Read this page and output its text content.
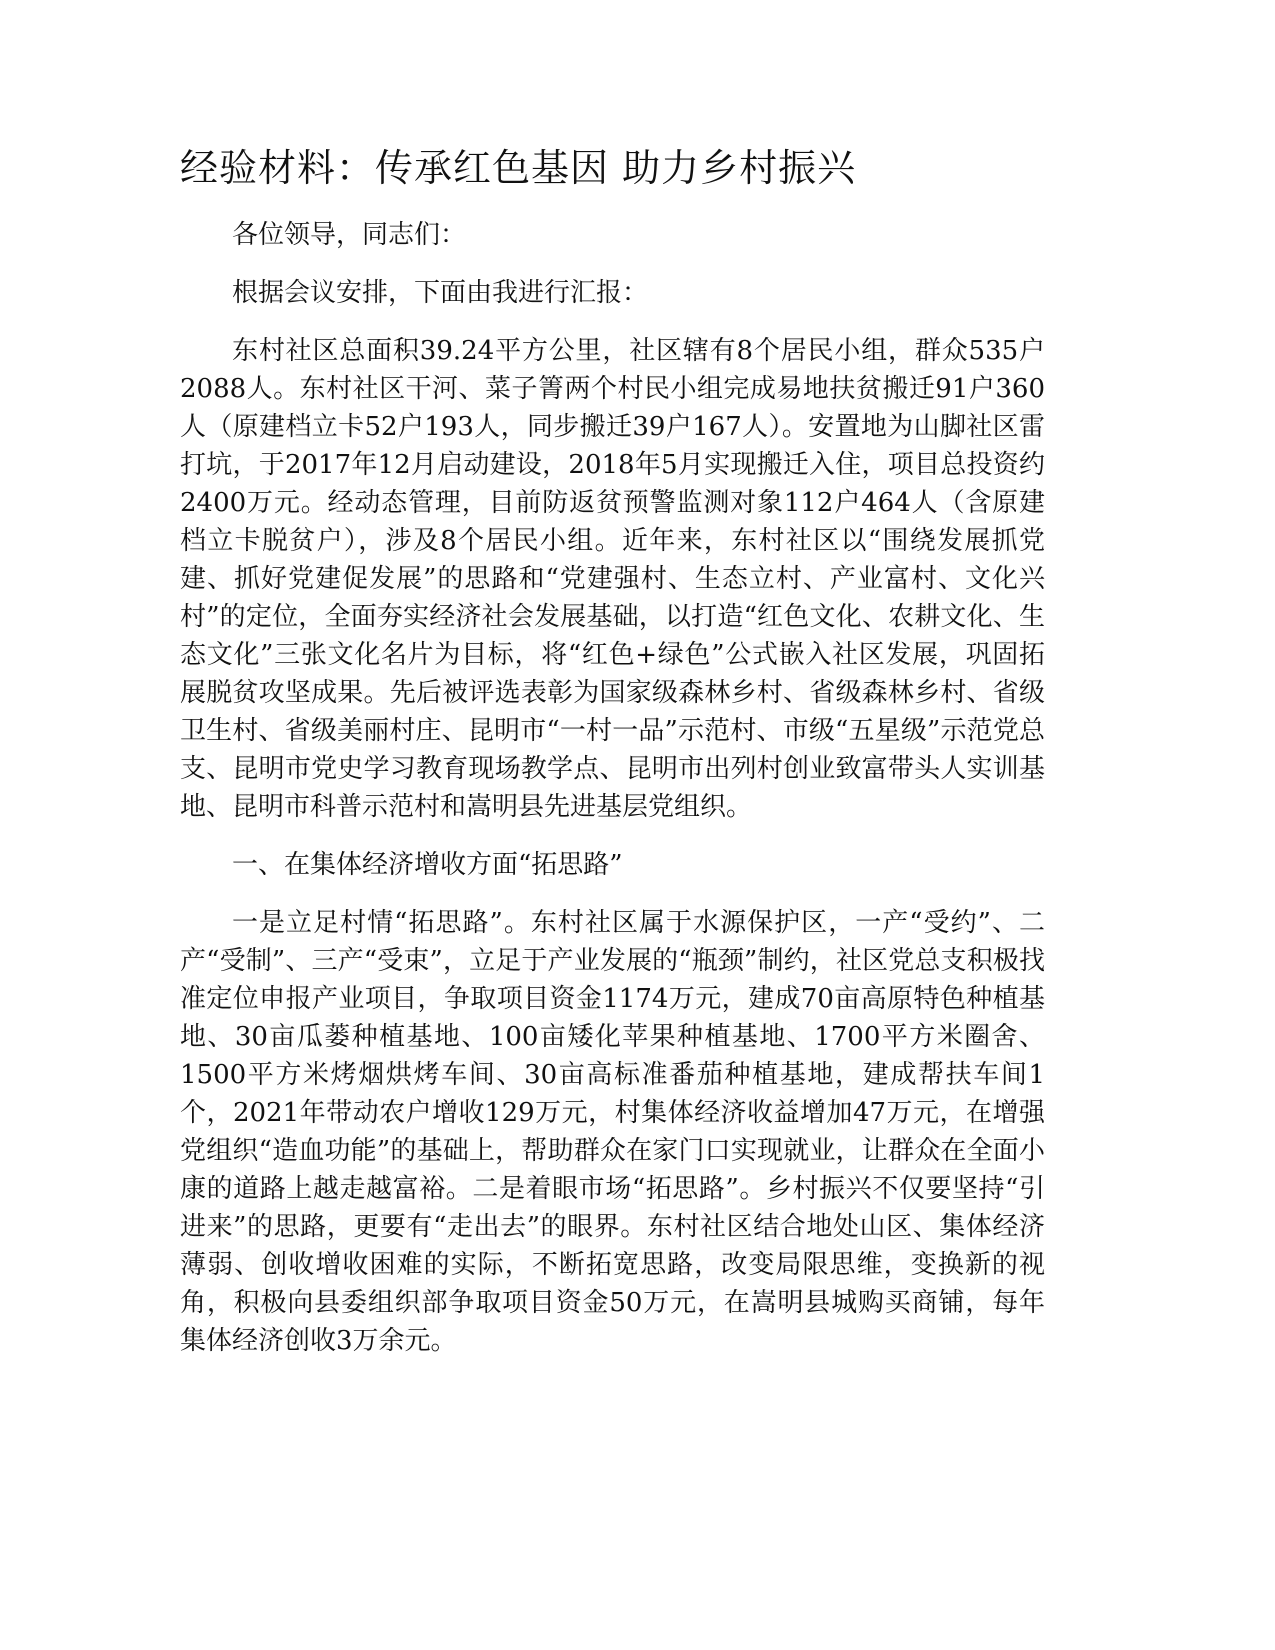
经验材料：传承红色基因 助力乡村振兴

各位领导，同志们：

根据会议安排，下面由我进行汇报：

东村社区总面积39.24平方公里，社区辖有8个居民小组，群众535户2088人。东村社区干河、菜子箐两个村民小组完成易地扶贫搬迁91户360人（原建档立卡52户193人，同步搬迁39户167人）。安置地为山脚社区雷打坑，于2017年12月启动建设，2018年5月实现搬迁入住，项目总投资约2400万元。经动态管理，目前防返贫预警监测对象112户464人（含原建档立卡脱贫户），涉及8个居民小组。近年来，东村社区以“围绕发展抓党建、抓好党建促发展”的思路和“党建强村、生态立村、产业富村、文化兴村”的定位，全面夯实经济社会发展基础，以打造“红色文化、农耕文化、生态文化”三张文化名片为目标，将“红色+绿色”公式嵌入社区发展，巩固拓展脱贫攻坚成果。先后被评选表彰为国家级森林乡村、省级森林乡村、省级卫生村、省级美丽村庄、昆明市“一村一品”示范村、市级“五星级”示范党总支、昆明市党史学习教育现场教学点、昆明市出列村创业致富带头人实训基地、昆明市科普示范村和嵩明县先进基层党组织。

一、在集体经济增收方面“拓思路”

一是立足村情“拓思路”。东村社区属于水源保护区，一产“受约”、二产“受制”、三产“受束”，立足于产业发展的“瓶颈”制约，社区党总支积极找准定位申报产业项目，争取项目资金1174万元，建成70亩高原特色种植基地、30亩瓜蒌种植基地、100亩矮化苹果种植基地、1700平方米圈舍、1500平方米烤烟烘烤车间、30亩高标准番茄种植基地，建成帮扶车间1个，2021年带动农户增收129万元，村集体经济收益增加47万元，在增强党组织“造血功能”的基础上，帮助群众在家门口实现就业，让群众在全面小康的道路上越走越富裕。二是着眼市场“拓思路”。乡村振兴不仅要坚持“引进来”的思路，更要有“走出去”的眼界。东村社区结合地处山区、集体经济薄弱、创收增收困难的实际，不断拓宽思路，改变局限思维，变换新的视角，积极向县委组织部争取项目资金50万元，在嵩明县城购买商铺，每年集体经济创收3万余元。
